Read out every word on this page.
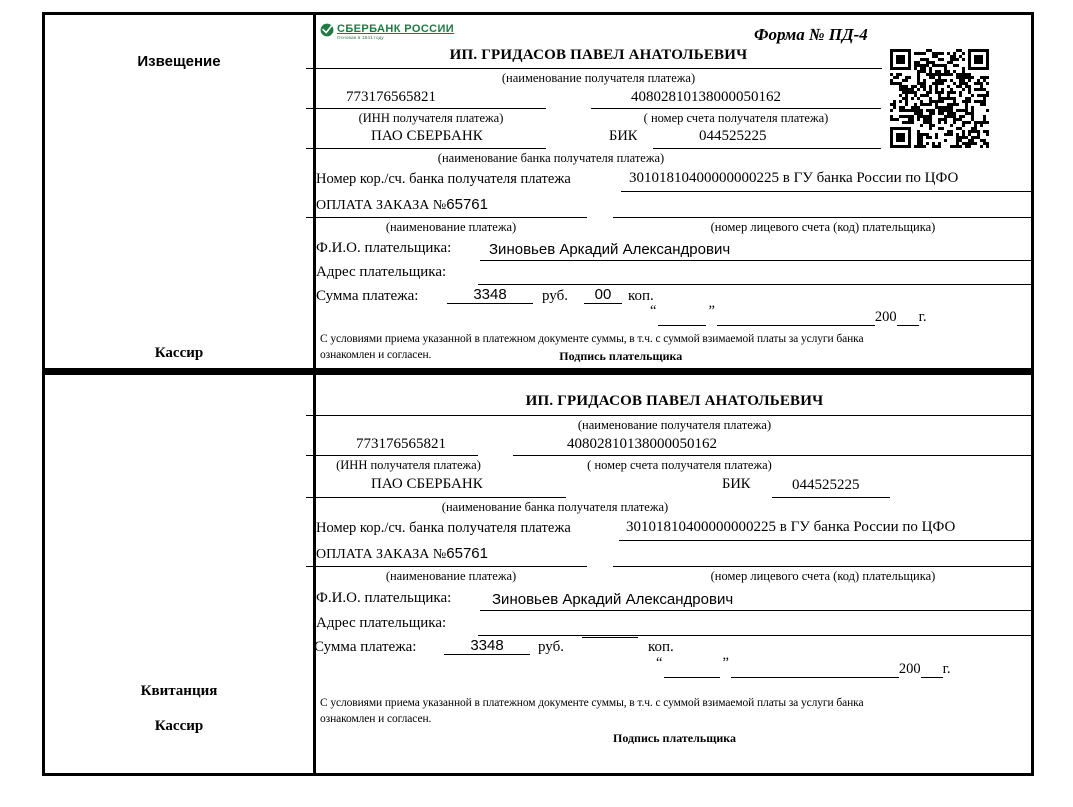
Извещение
Кассир
СБЕРБАНК РОССИИ
Основан в 1841 году	Форма № ПД-4
ИП. ГРИДАСОВ ПАВЕЛ АНАТОЛЬЕВИЧ
(наименование получателя платежа)
773176565821	40802810138000050162
(ИНН получателя платежа)	( номер счета получателя платежа)
ПАО СБЕРБАНК	БИК	044525225
(наименование банка получателя платежа)
Номер кор./сч. банка получателя платежа	30101810400000000225 в ГУ банка России по ЦФО
ОПЛАТА ЗАКАЗА №65761
(наименование платежа)	(номер лицевого счета (код) плательщика)
Ф.И.О. плательщика:	Зиновьев Аркадий Александрович
Адрес плательщика:
Сумма платежа:	3348	руб.	00	коп.
“	”	200 г.
С условиями приема указанной в платежном документе суммы, в т.ч. с суммой взимаемой платы за услуги банка
ознакомлен и согласен.	Подпись плательщика
Квитанция
Кассир
ИП. ГРИДАСОВ ПАВЕЛ АНАТОЛЬЕВИЧ
(наименование получателя платежа)
773176565821	40802810138000050162
(ИНН получателя платежа)	( номер счета получателя платежа)
ПАО СБЕРБАНК	БИК	044525225
(наименование банка получателя платежа)
Номер кор./сч. банка получателя платежа	30101810400000000225 в ГУ банка России по ЦФО
ОПЛАТА ЗАКАЗА №65761
(наименование платежа)	(номер лицевого счета (код) плательщика)
Ф.И.О. плательщика:	Зиновьев Аркадий Александрович
Адрес плательщика:
Сумма платежа:	3348	руб.	коп.
“	”	200 г.
С условиями приема указанной в платежном документе суммы, в т.ч. с суммой взимаемой платы за услуги банка
ознакомлен и согласен.
Подпись плательщика
